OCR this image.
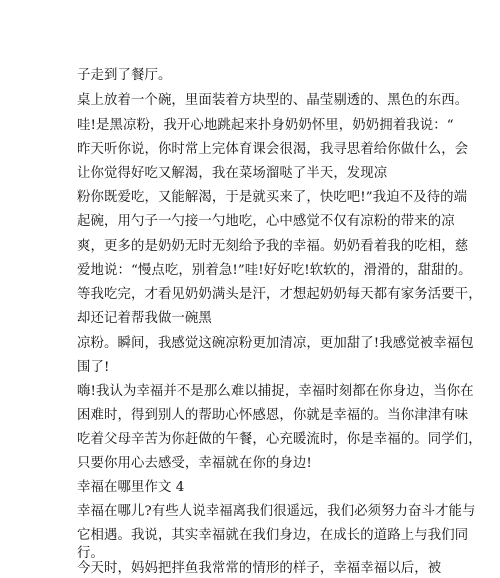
子走到了餐厅。
桌上放着一个碗，里面装着方块型的、晶莹剔透的、黑色的东西。
哇!是黑凉粉，我开心地跳起来扑身奶奶怀里，奶奶拥着我说：“
昨天听你说，你时常上完体育课会很渴，我寻思着给你做什么，会
让你觉得好吃又解渴，我在菜场溜哒了半天，发现凉
粉你既爱吃，又能解渴，于是就买来了，快吃吧!”我迫不及待的端
起碗，用勺子一勺接一勺地吃，心中感觉不仅有凉粉的带来的凉
爽，更多的是奶奶无时无刻给予我的幸福。奶奶看着我的吃相，慈
爱地说：“慢点吃，别着急!”哇!好好吃!软软的，滑滑的，甜甜的。
等我吃完，才看见奶奶满头是汗，才想起奶奶每天都有家务活要干，
却还记着帮我做一碗黑
凉粉。瞬间，我感觉这碗凉粉更加清凉，更加甜了!我感觉被幸福包
围了!
嗨!我认为幸福并不是那么难以捕捉，幸福时刻都在你身边，当你在
困难时，得到别人的帮助心怀感恩，你就是幸福的。当你津津有味
吃着父母辛苦为你赶做的午餐，心充暖流时，你是幸福的。同学们，
只要你用心去感受，幸福就在你的身边!
幸福在哪里作文 4
幸福在哪儿?有些人说幸福离我们很遥远，我们必须努力奋斗才能与
它相遇。我说，其实幸福就在我们身边，在成长的道路上与我们同
行。
今天时，妈妈把拌鱼我常常的情形的样子，幸福幸福以后，被
